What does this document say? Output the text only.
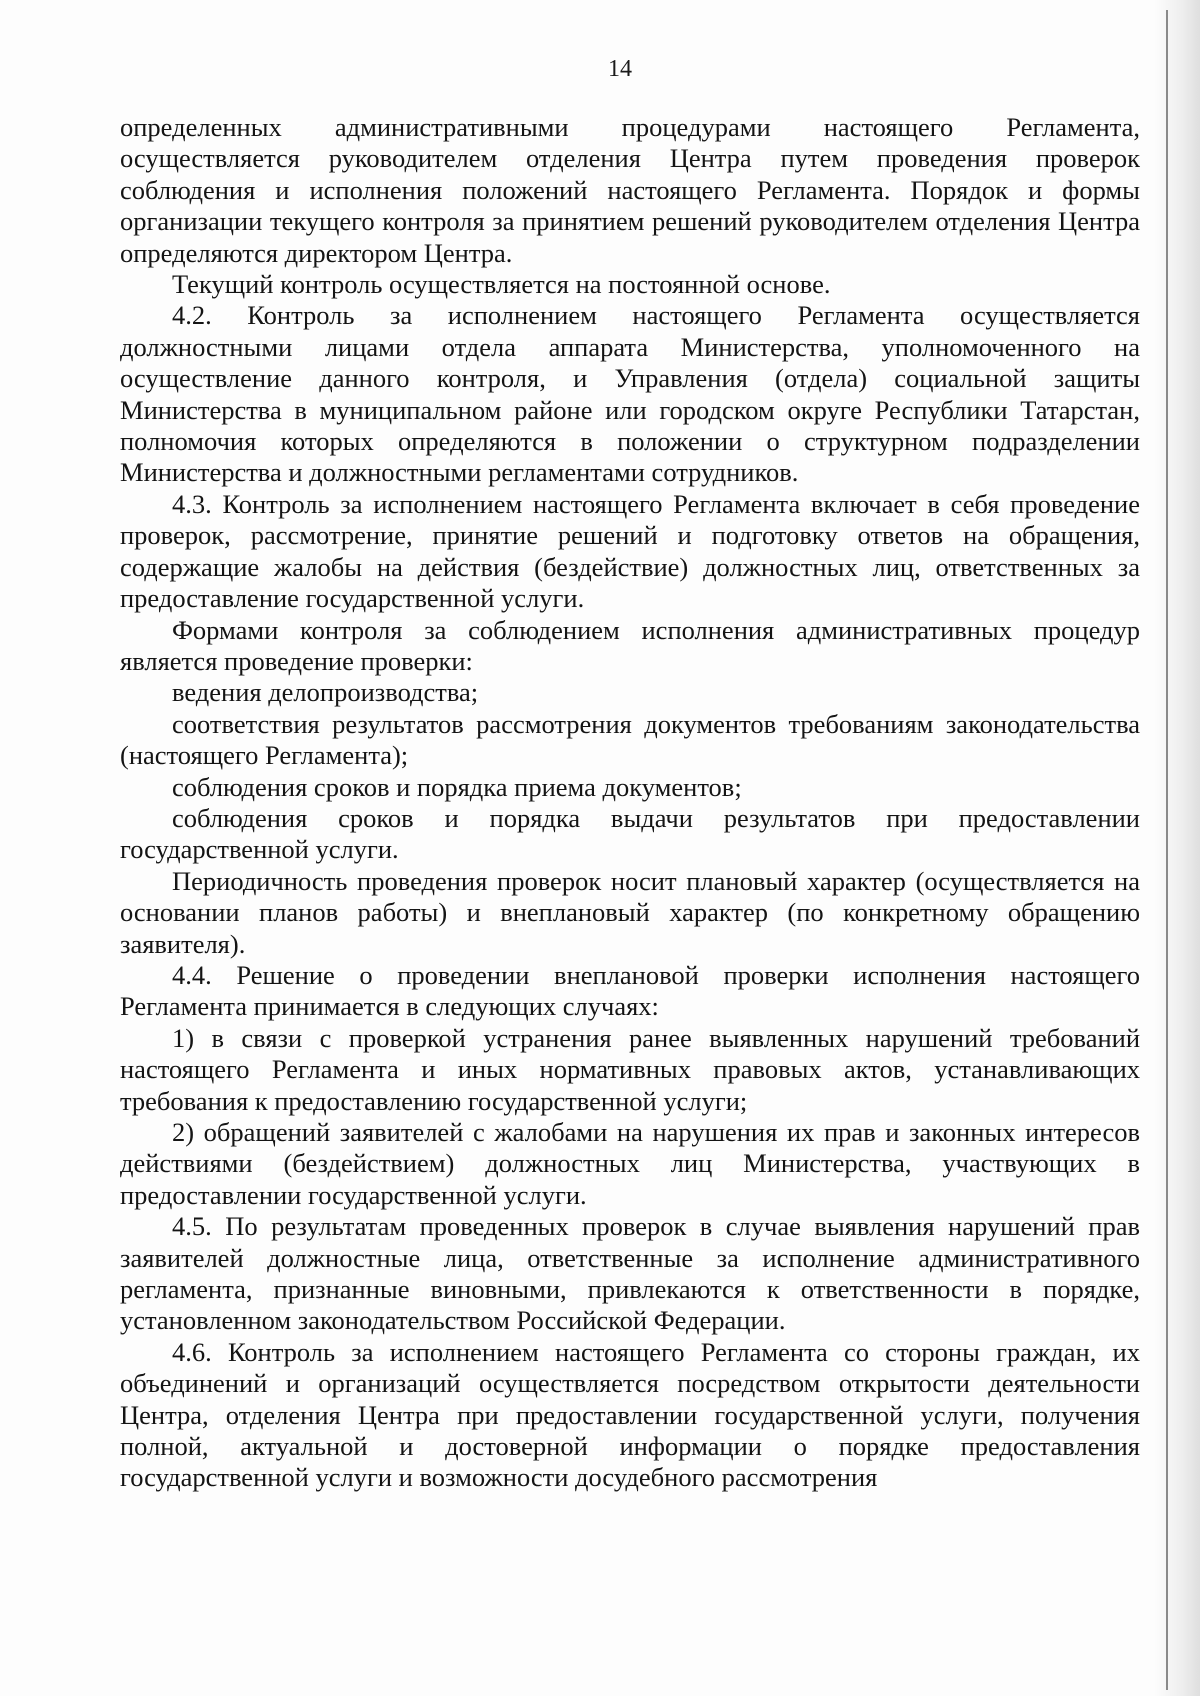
14

определенных административными процедурами настоящего Регламента, осуществляется руководителем отделения Центра путем проведения проверок соблюдения и исполнения положений настоящего Регламента. Порядок и формы организации текущего контроля за принятием решений руководителем отделения Центра определяются директором Центра.

Текущий контроль осуществляется на постоянной основе.

4.2. Контроль за исполнением настоящего Регламента осуществляется должностными лицами отдела аппарата Министерства, уполномоченного на осуществление данного контроля, и Управления (отдела) социальной защиты Министерства в муниципальном районе или городском округе Республики Татарстан, полномочия которых определяются в положении о структурном подразделении Министерства и должностными регламентами сотрудников.

4.3. Контроль за исполнением настоящего Регламента включает в себя проведение проверок, рассмотрение, принятие решений и подготовку ответов на обращения, содержащие жалобы на действия (бездействие) должностных лиц, ответственных за предоставление государственной услуги.

Формами контроля за соблюдением исполнения административных процедур является проведение проверки:

ведения делопроизводства;

соответствия результатов рассмотрения документов требованиям законодательства (настоящего Регламента);

соблюдения сроков и порядка приема документов;

соблюдения сроков и порядка выдачи результатов при предоставлении государственной услуги.

Периодичность проведения проверок носит плановый характер (осуществляется на основании планов работы) и внеплановый характер (по конкретному обращению заявителя).

4.4. Решение о проведении внеплановой проверки исполнения настоящего Регламента принимается в следующих случаях:

1) в связи с проверкой устранения ранее выявленных нарушений требований настоящего Регламента и иных нормативных правовых актов, устанавливающих требования к предоставлению государственной услуги;

2) обращений заявителей с жалобами на нарушения их прав и законных интересов действиями (бездействием) должностных лиц Министерства, участвующих в предоставлении государственной услуги.

4.5. По результатам проведенных проверок в случае выявления нарушений прав заявителей должностные лица, ответственные за исполнение административного регламента, признанные виновными, привлекаются к ответственности в порядке, установленном законодательством Российской Федерации.

4.6. Контроль за исполнением настоящего Регламента со стороны граждан, их объединений и организаций осуществляется посредством открытости деятельности Центра, отделения Центра при предоставлении государственной услуги, получения полной, актуальной и достоверной информации о порядке предоставления государственной услуги и возможности досудебного рассмотрения
